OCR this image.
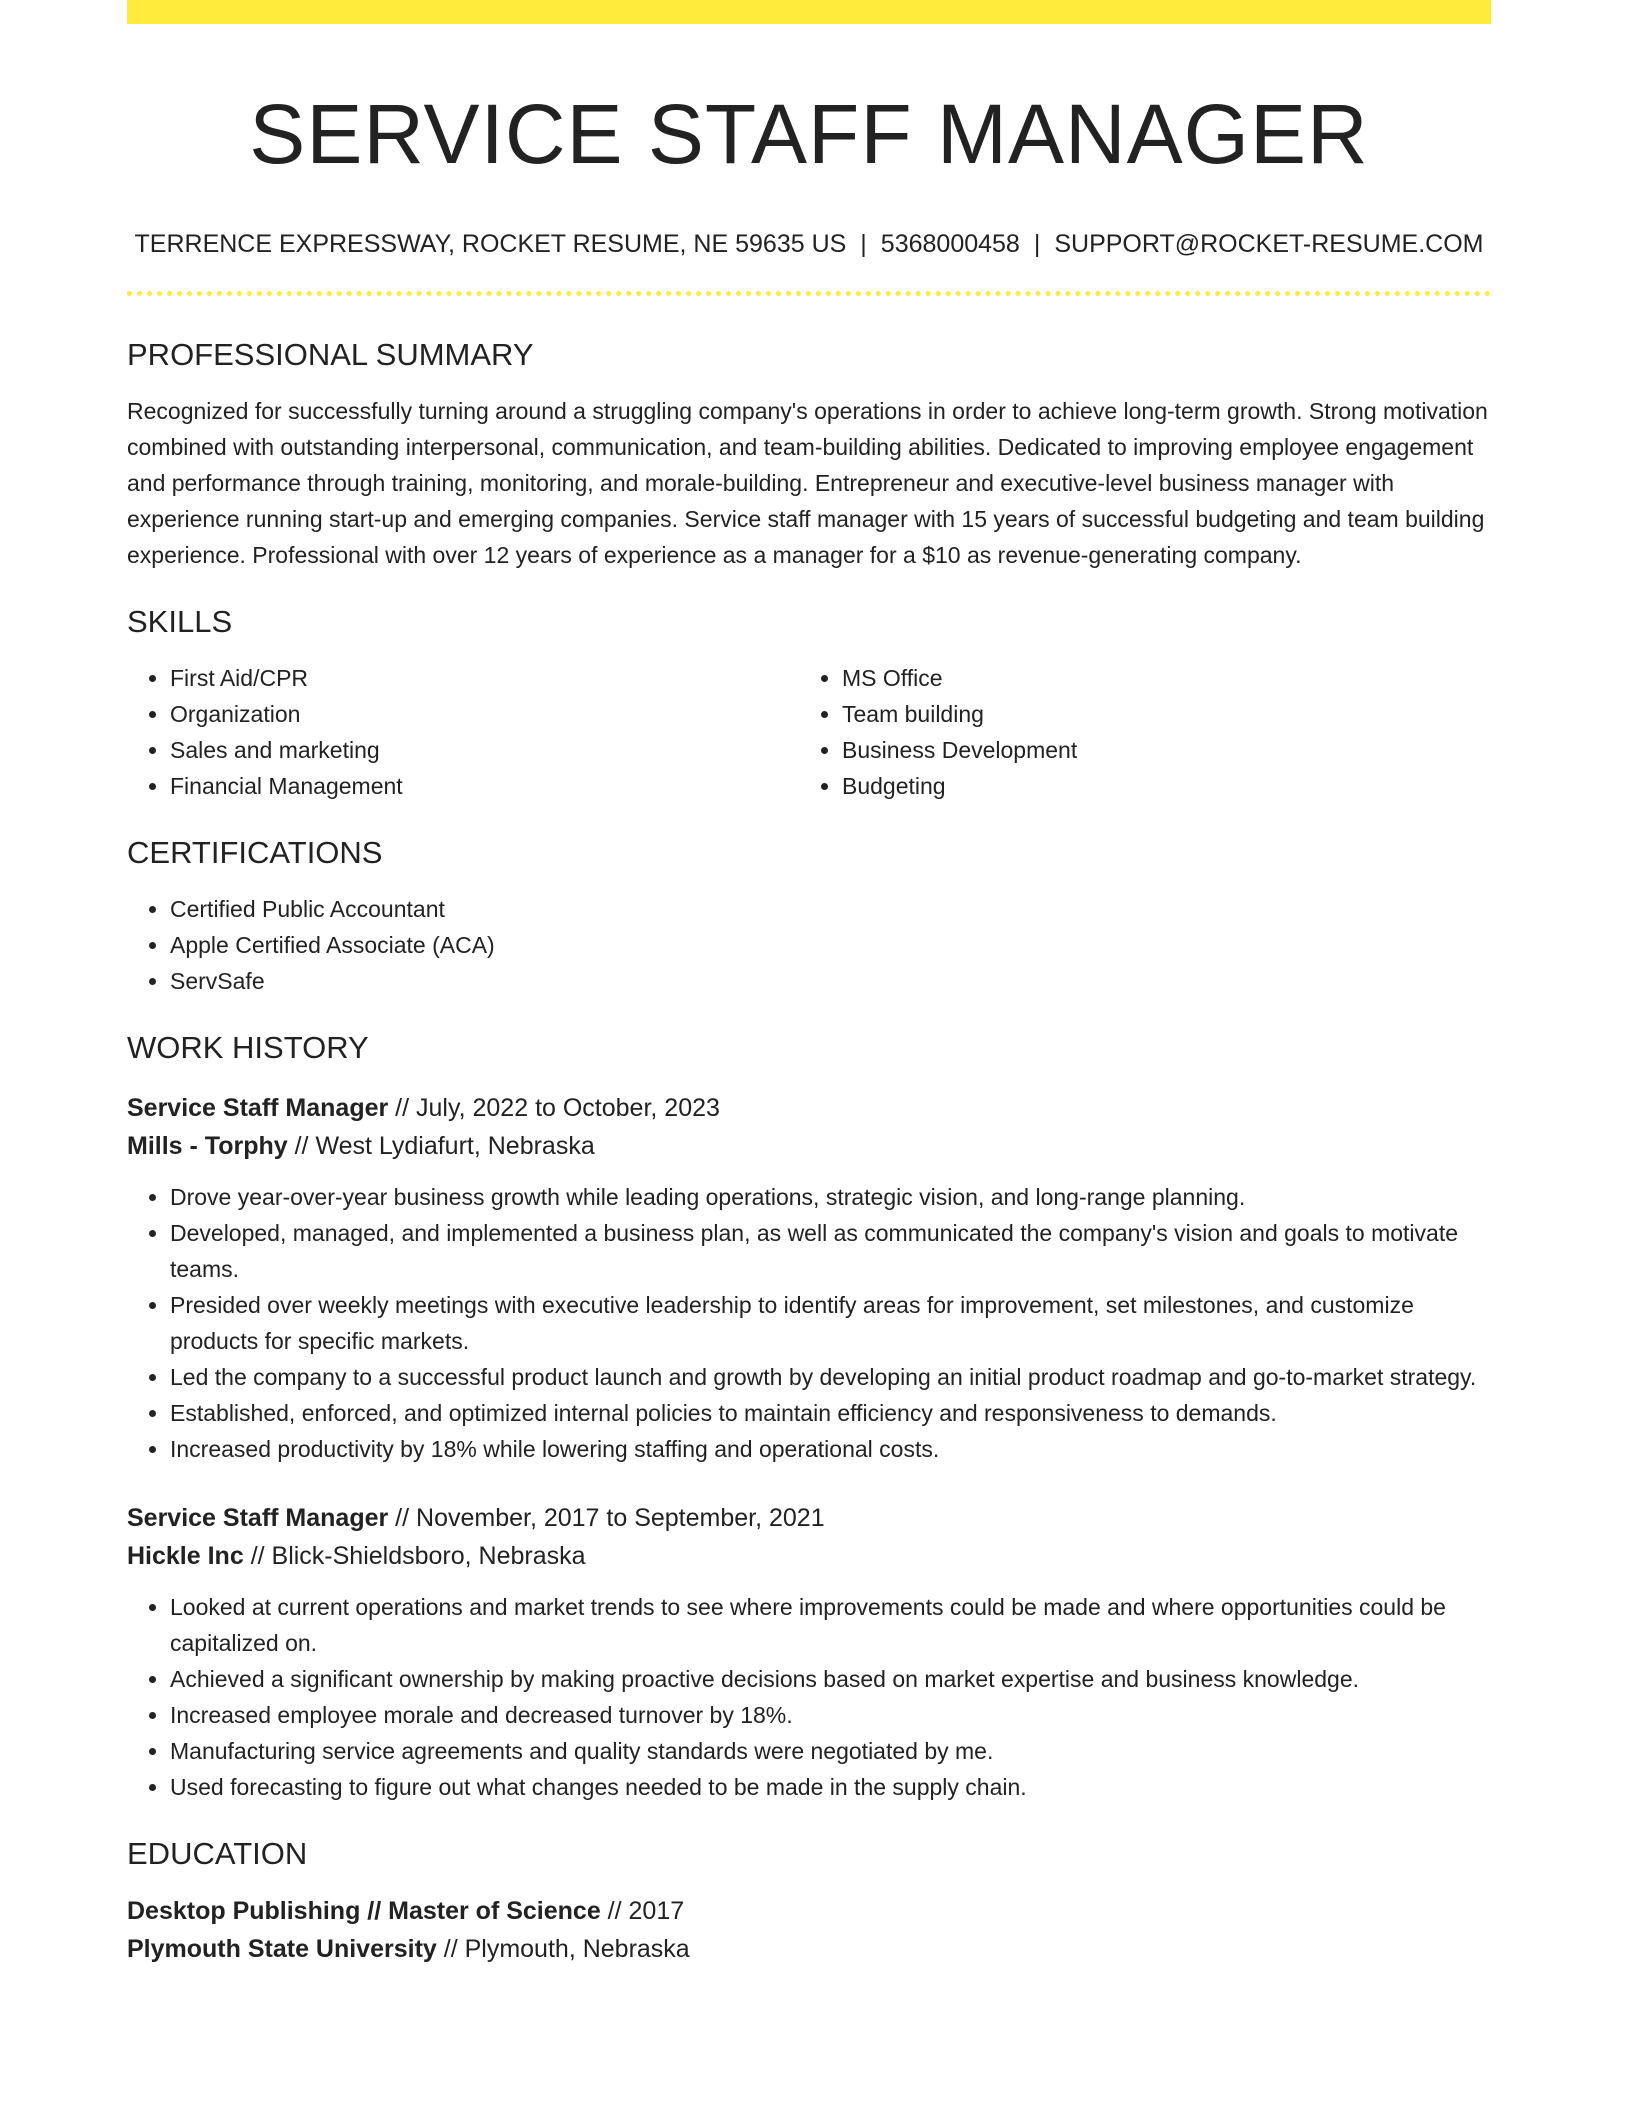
SERVICE STAFF MANAGER
TERRENCE EXPRESSWAY, ROCKET RESUME, NE 59635 US | 5368000458 | SUPPORT@ROCKET-RESUME.COM
PROFESSIONAL SUMMARY
Recognized for successfully turning around a struggling company's operations in order to achieve long-term growth. Strong motivation combined with outstanding interpersonal, communication, and team-building abilities. Dedicated to improving employee engagement and performance through training, monitoring, and morale-building. Entrepreneur and executive-level business manager with experience running start-up and emerging companies. Service staff manager with 15 years of successful budgeting and team building experience. Professional with over 12 years of experience as a manager for a $10 as revenue-generating company.
SKILLS
• First Aid/CPR
• Organization
• Sales and marketing
• Financial Management
• MS Office
• Team building
• Business Development
• Budgeting
CERTIFICATIONS
• Certified Public Accountant
• Apple Certified Associate (ACA)
• ServSafe
WORK HISTORY
Service Staff Manager // July, 2022 to October, 2023
Mills - Torphy // West Lydiafurt, Nebraska
• Drove year-over-year business growth while leading operations, strategic vision, and long-range planning.
• Developed, managed, and implemented a business plan, as well as communicated the company's vision and goals to motivate teams.
• Presided over weekly meetings with executive leadership to identify areas for improvement, set milestones, and customize products for specific markets.
• Led the company to a successful product launch and growth by developing an initial product roadmap and go-to-market strategy.
• Established, enforced, and optimized internal policies to maintain efficiency and responsiveness to demands.
• Increased productivity by 18% while lowering staffing and operational costs.
Service Staff Manager // November, 2017 to September, 2021
Hickle Inc // Blick-Shieldsboro, Nebraska
• Looked at current operations and market trends to see where improvements could be made and where opportunities could be capitalized on.
• Achieved a significant ownership by making proactive decisions based on market expertise and business knowledge.
• Increased employee morale and decreased turnover by 18%.
• Manufacturing service agreements and quality standards were negotiated by me.
• Used forecasting to figure out what changes needed to be made in the supply chain.
EDUCATION
Desktop Publishing // Master of Science // 2017
Plymouth State University // Plymouth, Nebraska
